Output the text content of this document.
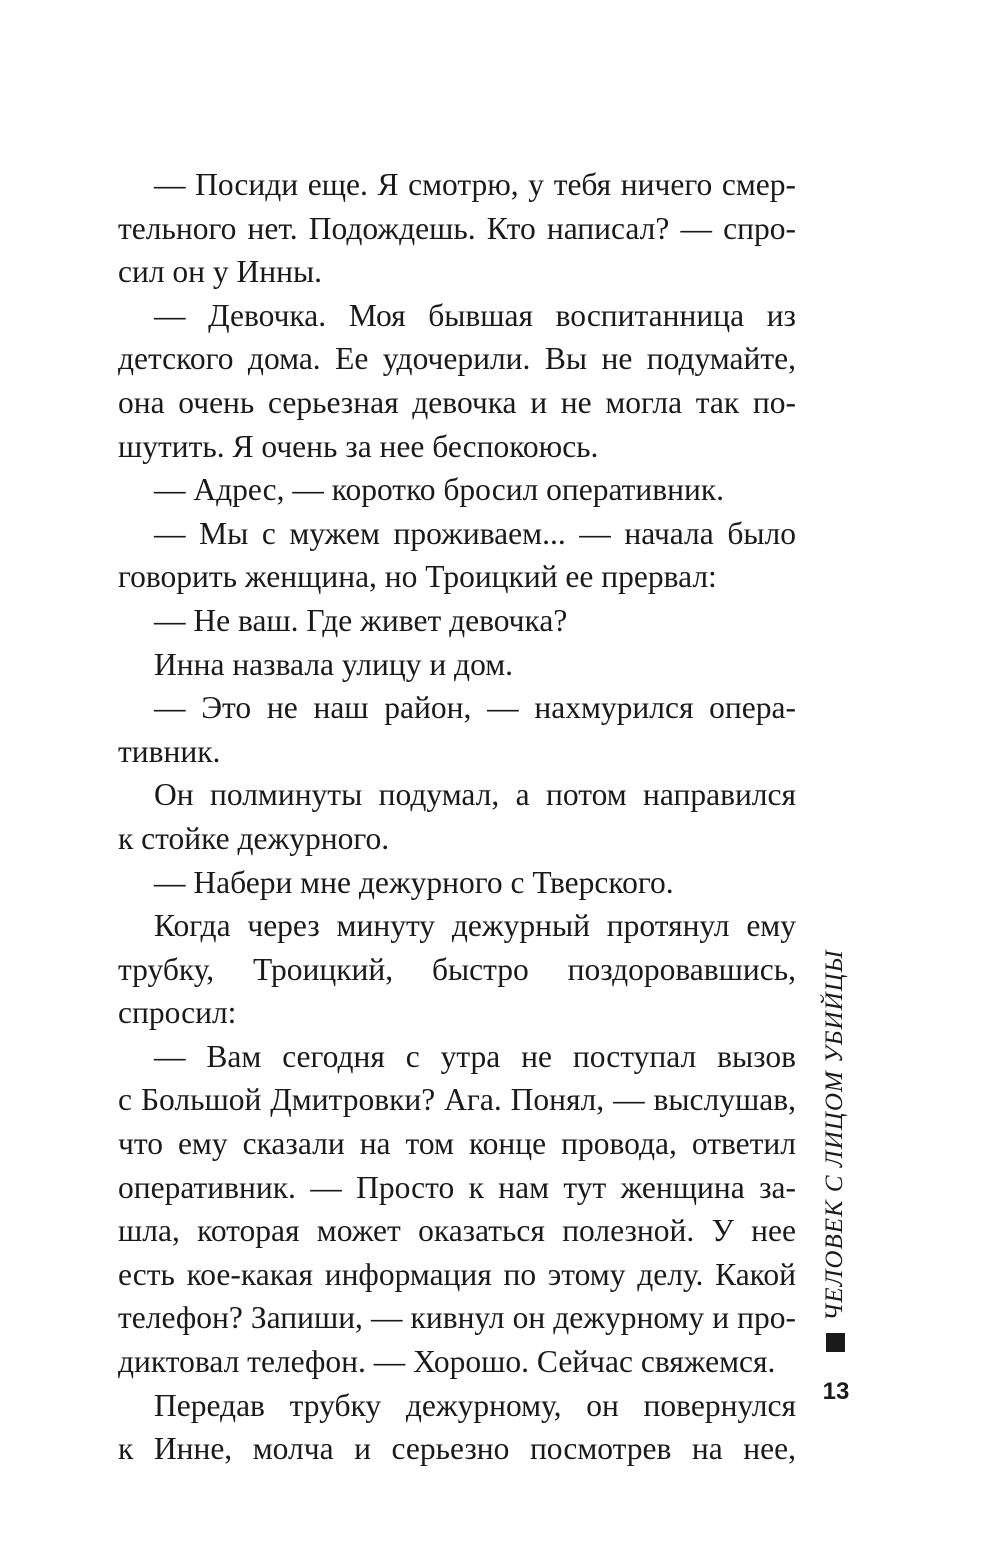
— Посиди еще. Я смотрю, у тебя ничего смер-
тельного нет. Подождешь. Кто написал? — спро-
сил он у Инны.
— Девочка. Моя бывшая воспитанница из
детского дома. Ее удочерили. Вы не подумайте,
она очень серьезная девочка и не могла так по-
шутить. Я очень за нее беспокоюсь.
— Адрес, — коротко бросил оперативник.
— Мы с мужем проживаем... — начала было
говорить женщина, но Троицкий ее прервал:
— Не ваш. Где живет девочка?
Инна назвала улицу и дом.
— Это не наш район, — нахмурился опера-
тивник.
Он полминуты подумал, а потом направился
к стойке дежурного.
— Набери мне дежурного с Тверского.
Когда через минуту дежурный протянул ему
трубку, Троицкий, быстро поздоровавшись,
спросил:
— Вам сегодня с утра не поступал вызов
с Большой Дмитровки? Ага. Понял, — выслушав,
что ему сказали на том конце провода, ответил
оперативник. — Просто к нам тут женщина за-
шла, которая может оказаться полезной. У нее
есть кое-какая информация по этому делу. Какой
телефон? Запиши, — кивнул он дежурному и про-
диктовал телефон. — Хорошо. Сейчас свяжемся.
Передав трубку дежурному, он повернулся
к Инне, молча и серьезно посмотрев на нее,
ЧЕЛОВЕК С ЛИЦОМ УБИЙЦЫ
13
